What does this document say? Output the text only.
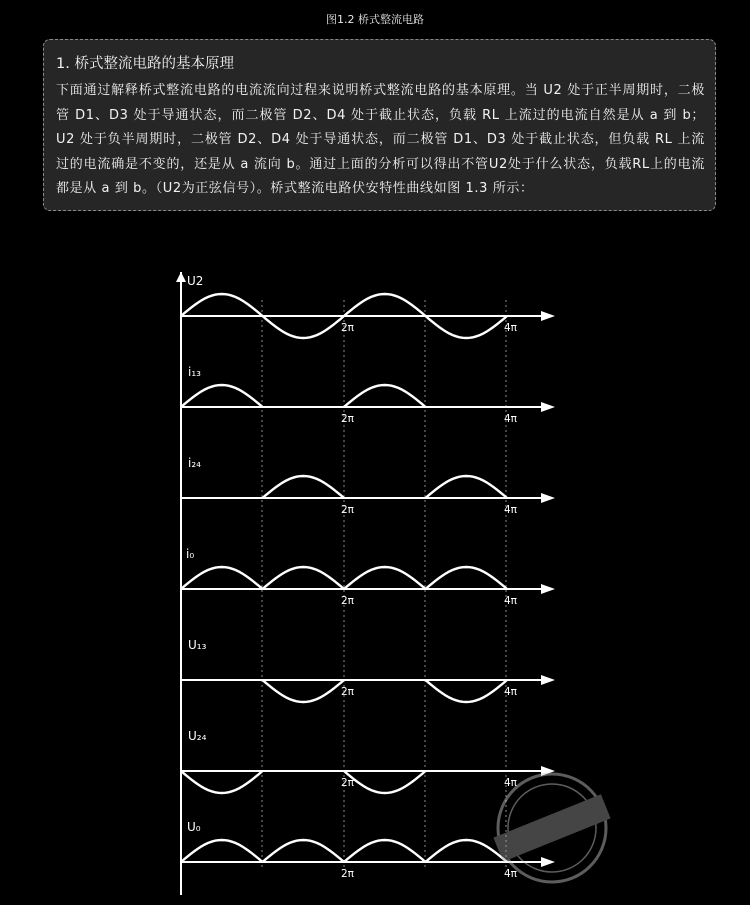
图1.2 桥式整流电路
1. 桥式整流电路的基本原理

下面通过解释桥式整流电路的电流流向过程来说明桥式整流电路的基本原理。当 U2 处于正半周期时，二极管 D1、D3 处于导通状态，而二极管 D2、D4 处于截止状态，负载 RL 上流过的电流自然是从 a 到 b；U2 处于负半周期时，二极管 D2、D4 处于导通状态，而二极管 D1、D3 处于截止状态，但负载 RL 上流过的电流确是不变的，还是从 a 流向 b。通过上面的分析可以得出不管U2处于什么状态，负载RL上的电流都是从 a 到 b。（U2为正弦信号）。桥式整流电路伏安特性曲线如图 1.3 所示：

U2
2π	4π
i₁₃
2π	4π
i₂₄
2π	4π
i₀
2π	4π
U₁₃
2π	4π
U₂₄
2π	4π
U₀
2π	4π
